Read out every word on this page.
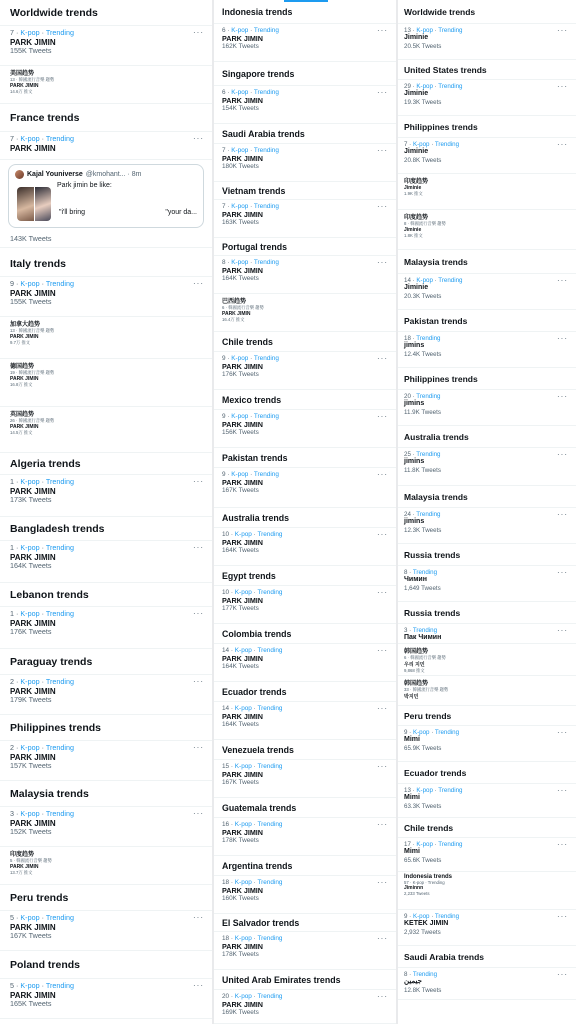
Worldwide trends
7 · K-pop · Trending
PARK JIMIN
155K Tweets
···
美国趋势
13 · 韓國流行音樂 趨勢
PARK JIMIN
14.6万 推文
France trends
7 · K-pop · Trending
PARK JIMIN
···
Kajal Youniverse @kmohant... · 8m
Park jimin be like:
"i'll bring	"your da...
143K Tweets
Italy trends
9 · K-pop · Trending
PARK JIMIN
155K Tweets
···
加拿大趋势
13 · 韓國流行音樂 趨勢
PARK JIMIN
9.7万 推文
德国趋势
19 · 韓國流行音樂 趨勢
PARK JIMIN
16.8万 推文
英国趋势
26 · 韓國流行音樂 趨勢
PARK JIMIN
14.5万 推文
Algeria trends
1 · K-pop · Trending
PARK JIMIN
173K Tweets
···
Bangladesh trends
1 · K-pop · Trending
PARK JIMIN
164K Tweets
···
Lebanon trends
1 · K-pop · Trending
PARK JIMIN
176K Tweets
···
Paraguay trends
2 · K-pop · Trending
PARK JIMIN
179K Tweets
···
Philippines trends
2 · K-pop · Trending
PARK JIMIN
157K Tweets
···
Malaysia trends
3 · K-pop · Trending
PARK JIMIN
152K Tweets
···
印度趋势
5 · 韓國流行音樂 趨勢
PARK JIMIN
13.7万 推文
Peru trends
5 · K-pop · Trending
PARK JIMIN
167K Tweets
···
Poland trends
5 · K-pop · Trending
PARK JIMIN
165K Tweets
···
Indonesia trends
6 · K-pop · Trending
PARK JIMIN
162K Tweets
···
Singapore trends
6 · K-pop · Trending
PARK JIMIN
154K Tweets
···
Saudi Arabia trends
7 · K-pop · Trending
PARK JIMIN
180K Tweets
···
Vietnam trends
7 · K-pop · Trending
PARK JIMIN
163K Tweets
···
Portugal trends
8 · K-pop · Trending
PARK JIMIN
164K Tweets
···
巴西趋势
6 · 韓國流行音樂 趨勢
PARK JIMIN
16.4万 推文
Chile trends
9 · K-pop · Trending
PARK JIMIN
176K Tweets
···
Mexico trends
9 · K-pop · Trending
PARK JIMIN
156K Tweets
···
Pakistan trends
9 · K-pop · Trending
PARK JIMIN
167K Tweets
···
Australia trends
10 · K-pop · Trending
PARK JIMIN
164K Tweets
···
Egypt trends
10 · K-pop · Trending
PARK JIMIN
177K Tweets
···
Colombia trends
14 · K-pop · Trending
PARK JIMIN
164K Tweets
···
Ecuador trends
14 · K-pop · Trending
PARK JIMIN
164K Tweets
···
Venezuela trends
15 · K-pop · Trending
PARK JIMIN
167K Tweets
···
Guatemala trends
16 · K-pop · Trending
PARK JIMIN
178K Tweets
···
Argentina trends
18 · K-pop · Trending
PARK JIMIN
160K Tweets
···
El Salvador trends
18 · K-pop · Trending
PARK JIMIN
178K Tweets
···
United Arab Emirates trends
20 · K-pop · Trending
PARK JIMIN
169K Tweets
···
Worldwide trends
13 · K-pop · Trending
Jiminie
20.5K Tweets
···
United States trends
29 · K-pop · Trending
Jiminie
19.3K Tweets
···
Philippines trends
7 · K-pop · Trending
Jiminie
20.8K Tweets
···
印度趋势
Jiminie
1.9K 推文
印度趋势
8 · 韓國流行音樂 趨勢
Jiminie
1.8K 推文
Malaysia trends
14 · K-pop · Trending
Jiminie
20.3K Tweets
···
Pakistan trends
18 · Trending
jimins
12.4K Tweets
···
Philippines trends
20 · Trending
jimins
11.9K Tweets
···
Australia trends
25 · Trending
jimins
11.8K Tweets
···
Malaysia trends
24 · Trending
jimins
12.3K Tweets
···
Russia trends
8 · Trending
Чимин
1,649 Tweets
···
Russia trends
3 · Trending
Пак Чимин
···
韩国趋势
6 · 韓國流行音樂 趨勢
우리 지민
9,868 推文
韩国趋势
33 · 韓國流行音樂 趨勢
박지민
Peru trends
9 · K-pop · Trending
Mimi
65.9K Tweets
···
Ecuador trends
13 · K-pop · Trending
Mimi
63.3K Tweets
···
Chile trends
17 · K-pop · Trending
Mimi
65.6K Tweets
···
Indonesia trends
57 · K-pop · Trending
Jiminnn
2,233 Tweets
9 · K-pop · Trending
KETEK JIMIN
2,932 Tweets
···
Saudi Arabia trends
8 · Trending
جيمين
12.8K Tweets
···
